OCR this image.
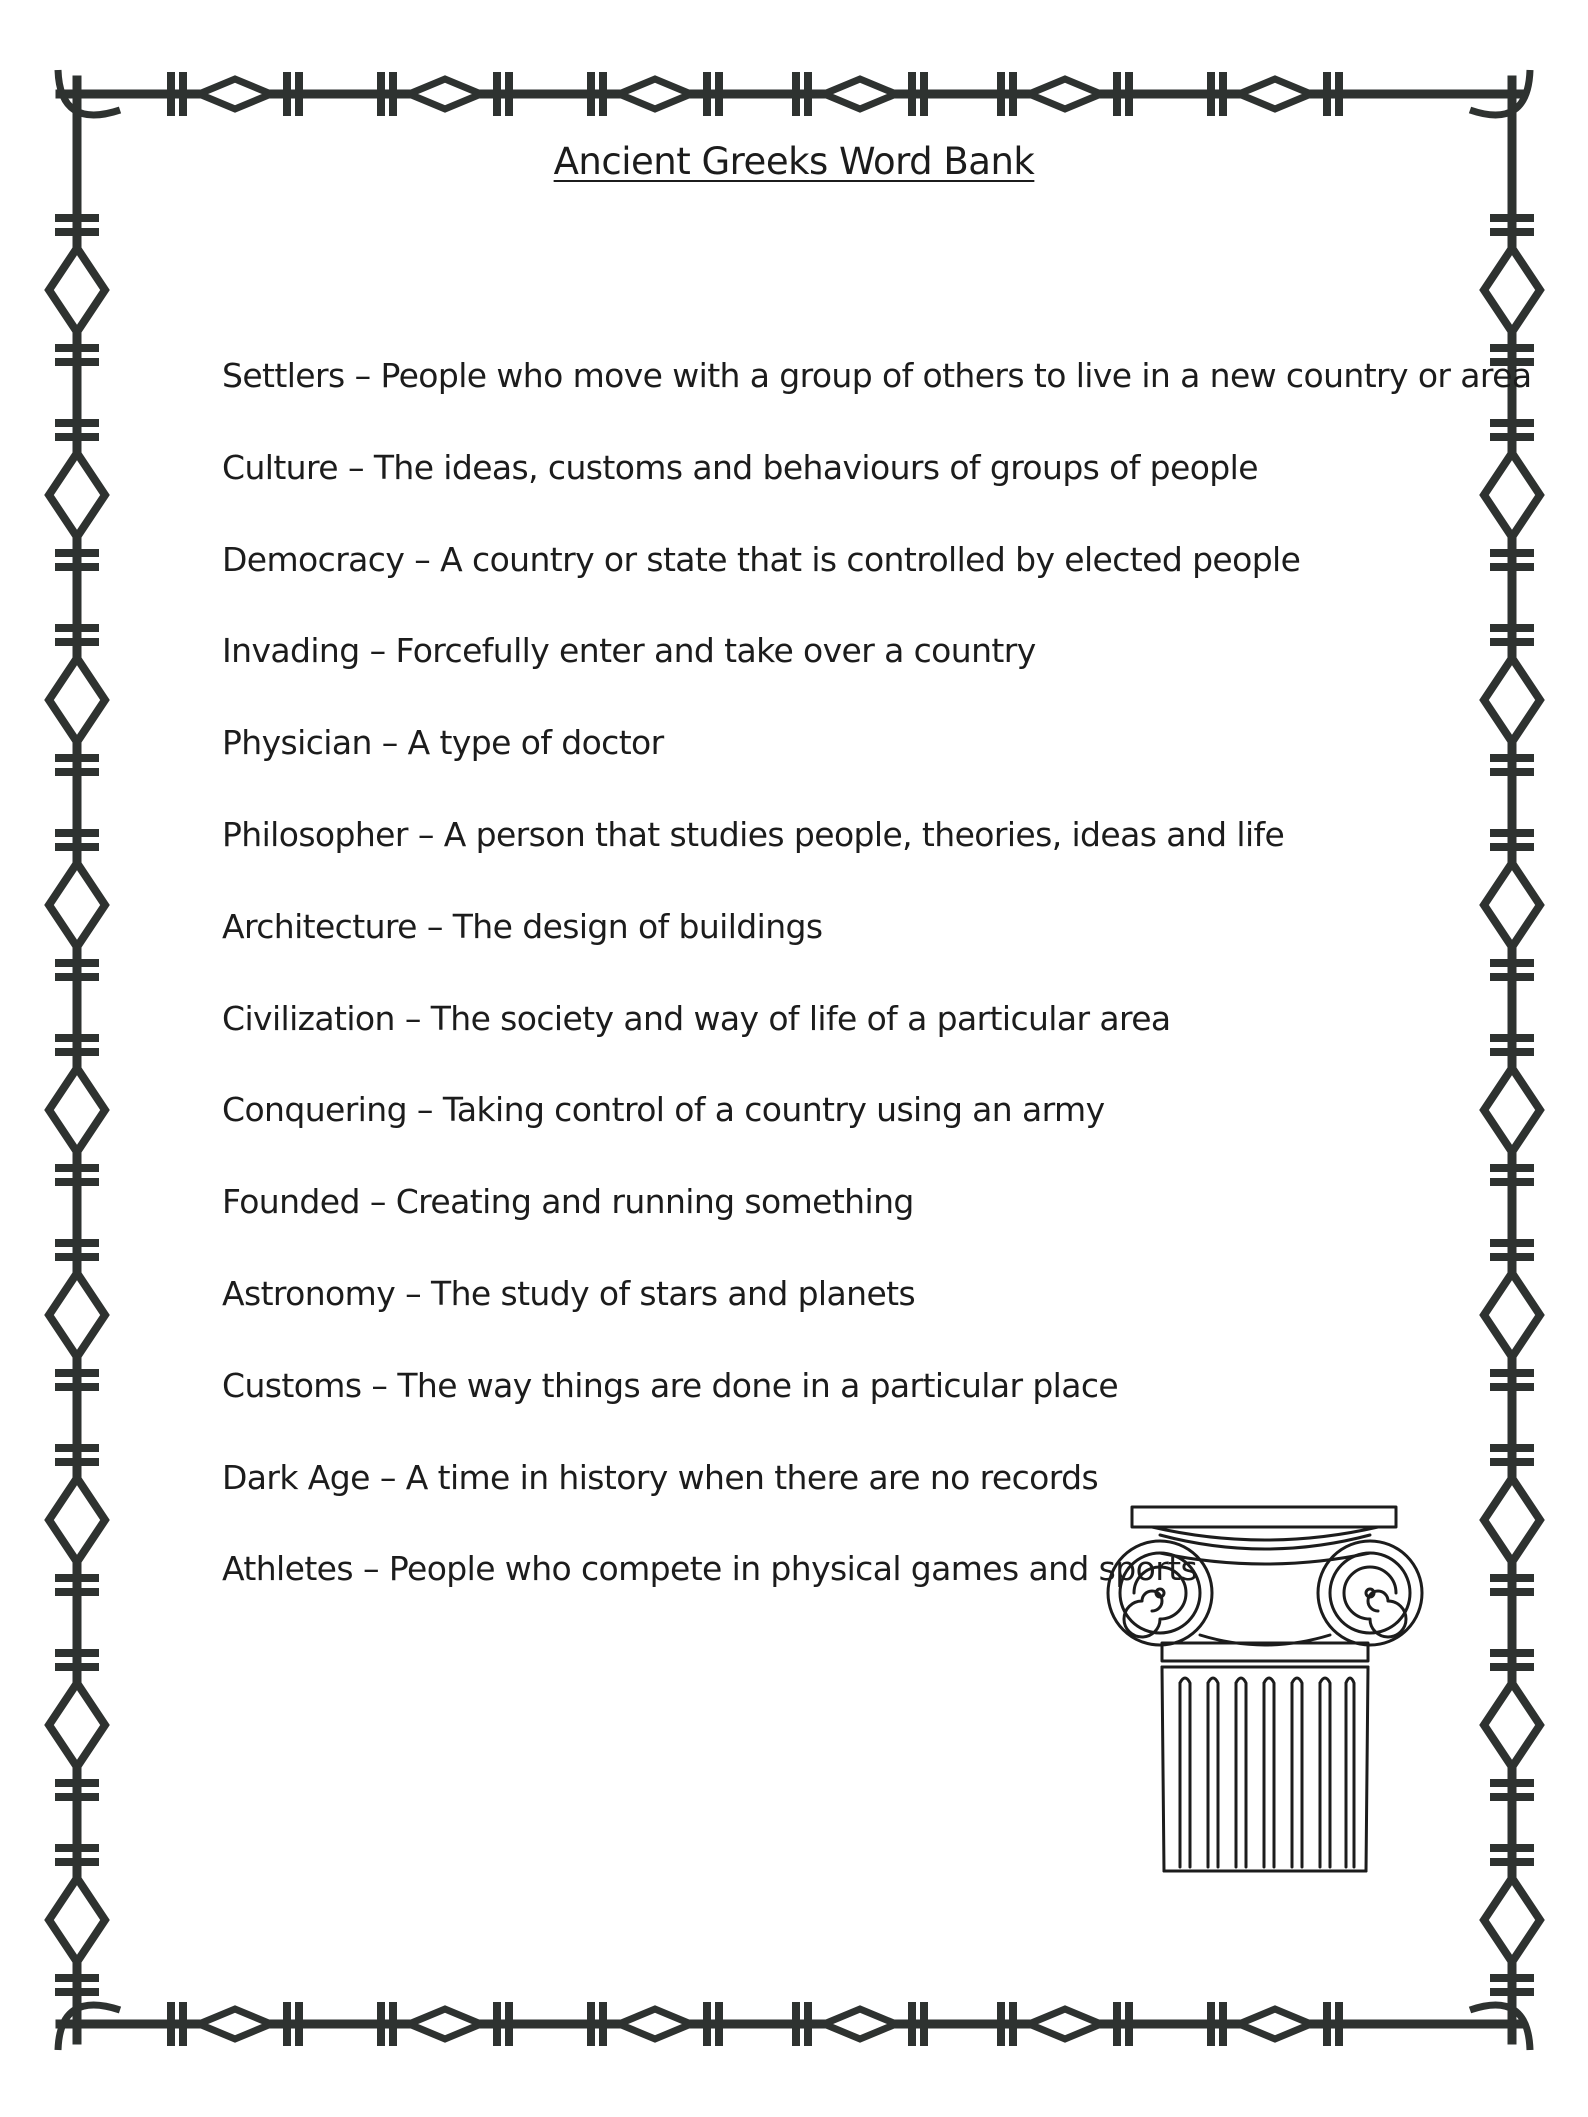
Ancient Greeks Word Bank
Settlers – People who move with a group of others to live in a new country or area
Culture – The ideas, customs and behaviours of groups of people
Democracy – A country or state that is controlled by elected people
Invading – Forcefully enter and take over a country
Physician – A type of doctor
Philosopher – A person that studies people, theories, ideas and life
Architecture – The design of buildings
Civilization – The society and way of life of a particular area
Conquering – Taking control of a country using an army
Founded – Creating and running something
Astronomy – The study of stars and planets
Customs – The way things are done in a particular place
Dark Age – A time in history when there are no records
Athletes – People who compete in physical games and sports
